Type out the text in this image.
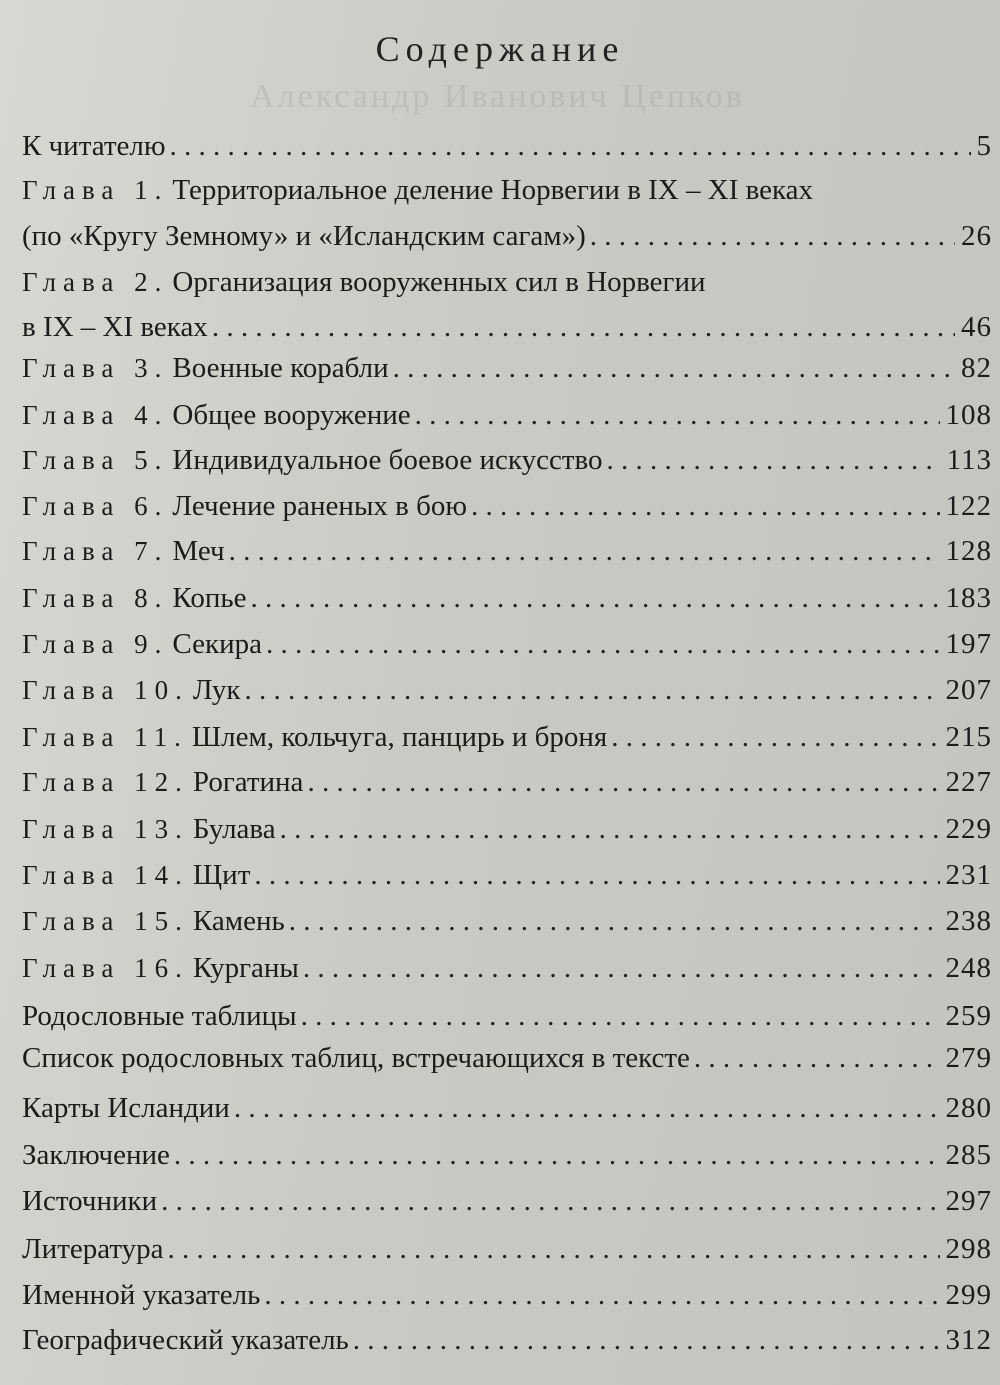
Александр Иванович Цепков
Содержание
К читателю . . .	5
Глава 1. Территориальное деление Норвегии в IX – XI веках
(по «Кругу Земному» и «Исландским сагам») . . .	26
Глава 2. Организация вооруженных сил в Норвегии
в IX – XI веках . . .	46
Глава 3. Военные корабли . . .	82
Глава 4. Общее вооружение . . .	108
Глава 5. Индивидуальное боевое искусство . . .	113
Глава 6. Лечение раненых в бою . . .	122
Глава 7. Меч . . .	128
Глава 8. Копье . . .	183
Глава 9. Секира . . .	197
Глава 10. Лук . . .	207
Глава 11. Шлем, кольчуга, панцирь и броня . . .	215
Глава 12. Рогатина . . .	227
Глава 13. Булава . . .	229
Глава 14. Щит . . .	231
Глава 15. Камень . . .	238
Глава 16. Курганы . . .	248
Родословные таблицы . . .	259
Список родословных таблиц, встречающихся в тексте . . .	279
Карты Исландии . . .	280
Заключение . . .	285
Источники . . .	297
Литература . . .	298
Именной указатель . . .	299
Географический указатель . . .	312
